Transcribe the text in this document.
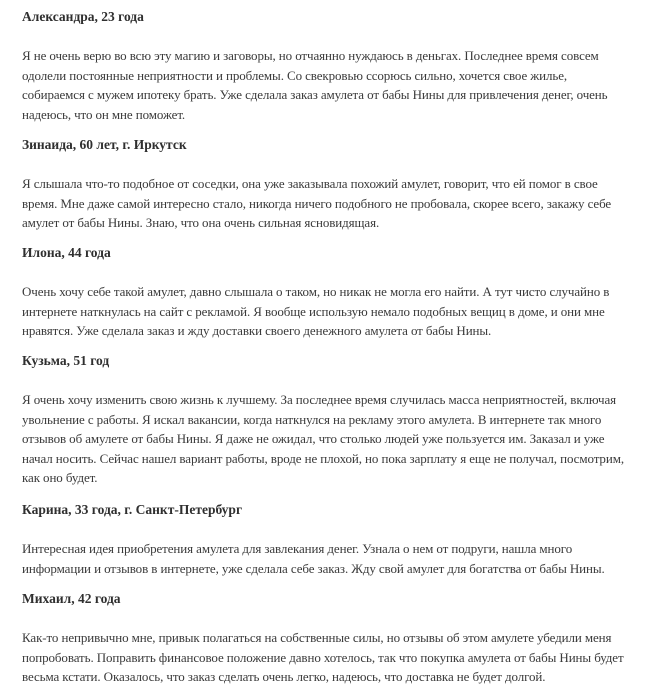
Александра, 23 года

Я не очень верю во всю эту магию и заговоры, но отчаянно нуждаюсь в деньгах. Последнее время совсем
одолели постоянные неприятности и проблемы. Со свекровью ссорюсь сильно, хочется свое жилье,
собираемся с мужем ипотеку брать. Уже сделала заказ амулета от бабы Нины для привлечения денег, очень
надеюсь, что он мне поможет.

Зинаида, 60 лет, г. Иркутск

Я слышала что-то подобное от соседки, она уже заказывала похожий амулет, говорит, что ей помог в свое
время. Мне даже самой интересно стало, никогда ничего подобного не пробовала, скорее всего, закажу себе
амулет от бабы Нины. Знаю, что она очень сильная ясновидящая.

Илона, 44 года

Очень хочу себе такой амулет, давно слышала о таком, но никак не могла его найти. А тут чисто случайно в
интернете наткнулась на сайт с рекламой. Я вообще использую немало подобных вещиц в доме, и они мне
нравятся. Уже сделала заказ и жду доставки своего денежного амулета от бабы Нины.

Кузьма, 51 год

Я очень хочу изменить свою жизнь к лучшему. За последнее время случилась масса неприятностей, включая
увольнение с работы. Я искал вакансии, когда наткнулся на рекламу этого амулета. В интернете так много
отзывов об амулете от бабы Нины. Я даже не ожидал, что столько людей уже пользуется им. Заказал и уже
начал носить. Сейчас нашел вариант работы, вроде не плохой, но пока зарплату я еще не получал, посмотрим,
как оно будет.

Карина, 33 года, г. Санкт-Петербург

Интересная идея приобретения амулета для завлекания денег. Узнала о нем от подруги, нашла много
информации и отзывов в интернете, уже сделала себе заказ. Жду свой амулет для богатства от бабы Нины.

Михаил, 42 года

Как-то непривычно мне, привык полагаться на собственные силы, но отзывы об этом амулете убедили меня
попробовать. Поправить финансовое положение давно хотелось, так что покупка амулета от бабы Нины будет
весьма кстати. Оказалось, что заказ сделать очень легко, надеюсь, что доставка не будет долгой.
